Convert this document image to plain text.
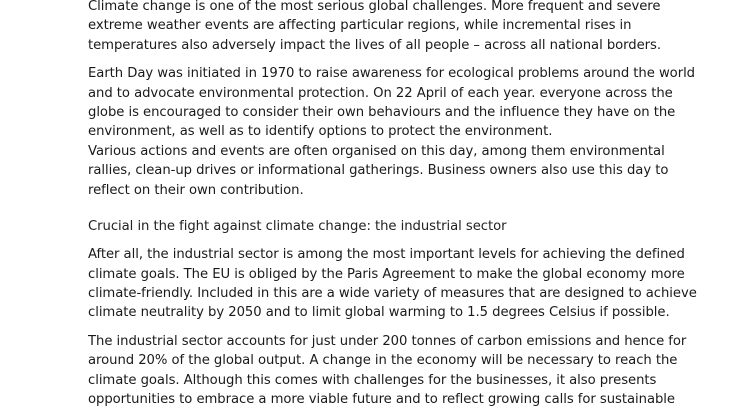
Climate change is one of the most serious global challenges. More frequent and severe
extreme weather events are affecting particular regions, while incremental rises in
temperatures also adversely impact the lives of all people – across all national borders.
Earth Day was initiated in 1970 to raise awareness for ecological problems around the world
and to advocate environmental protection. On 22 April of each year. everyone across the
globe is encouraged to consider their own behaviours and the influence they have on the
environment, as well as to identify options to protect the environment.
Various actions and events are often organised on this day, among them environmental
rallies, clean-up drives or informational gatherings. Business owners also use this day to
reflect on their own contribution.
Crucial in the fight against climate change: the industrial sector
After all, the industrial sector is among the most important levels for achieving the defined
climate goals. The EU is obliged by the Paris Agreement to make the global economy more
climate-friendly. Included in this are a wide variety of measures that are designed to achieve
climate neutrality by 2050 and to limit global warming to 1.5 degrees Celsius if possible.
The industrial sector accounts for just under 200 tonnes of carbon emissions and hence for
around 20% of the global output. A change in the economy will be necessary to reach the
climate goals. Although this comes with challenges for the businesses, it also presents
opportunities to embrace a more viable future and to reflect growing calls for sustainable
